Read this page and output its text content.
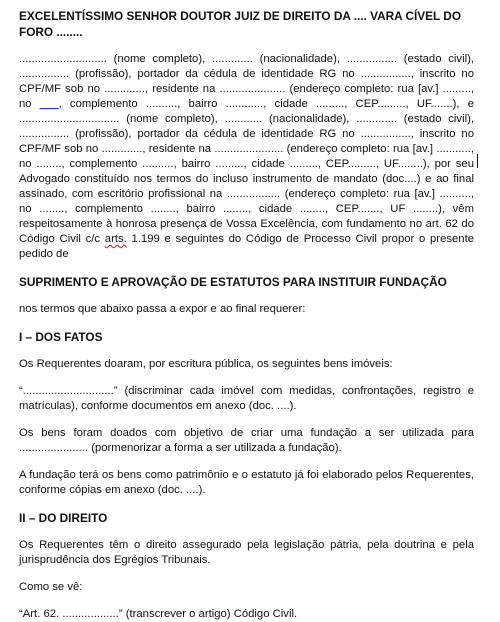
EXCELENTÍSSIMO SENHOR DOUTOR JUIZ DE DIREITO DA .... VARA CÍVEL DO FORO ........

............................ (nome completo), ............. (nacionalidade), ................ (estado civil), ................ (profissão), portador da cédula de identidade RG no ................, inscrito no CPF/MF sob no ............., residente na ..................... (endereço completo: rua [av.] ........., no ___, complemento .........., bairro ............, cidade ........., CEP........., UF.......), e ................................ (nome completo), ............ (nacionalidade), ............. (estado civil), ................ (profissão), portador da cédula de identidade RG no ................, inscrito no CPF/MF sob no ............., residente na ...................... (endereço completo: rua [av.] ..........., no ........, complemento .........., bairro ........., cidade ........., CEP........., UF........), por seu Advogado constituído nos termos do incluso instrumento de mandato (doc....) e ao final assinado, com escritório profissional na ................. (endereço completo: rua [av.] .........., no ........, complemento ........, bairro ........, cidade ........, CEP......., UF ........), vêm respeitosamente à honrosa presença de Vossa Excelência, com fundamento no art. 62 do Código Civil c/c arts. 1.199 e seguintes do Código de Processo Civil propor o presente pedido de

SUPRIMENTO E APROVAÇÃO DE ESTATUTOS PARA INSTITUIR FUNDAÇÃO

nos termos que abaixo passa a expor e ao final requerer:

I – DOS FATOS

Os Requerentes doaram, por escritura pública, os seguintes bens imóveis:

“.............................” (discriminar cada imóvel com medidas, confrontações, registro e matrículas), conforme documentos em anexo (doc. ....).

Os bens foram doados com objetivo de criar uma fundação a ser utilizada para ...................... (pormenorizar a forma a ser utilizada a fundação).

A fundação terá os bens como patrimônio e o estatuto já foi elaborado pelos Requerentes, conforme cópias em anexo (doc. ....).

II – DO DIREITO

Os Requerentes têm o direito assegurado pela legislação pátria, pela doutrina e pela jurisprudência dos Egrégios Tribunais.

Como se vê:

“Art. 62. ..................” (transcrever o artigo) Código Civil.
